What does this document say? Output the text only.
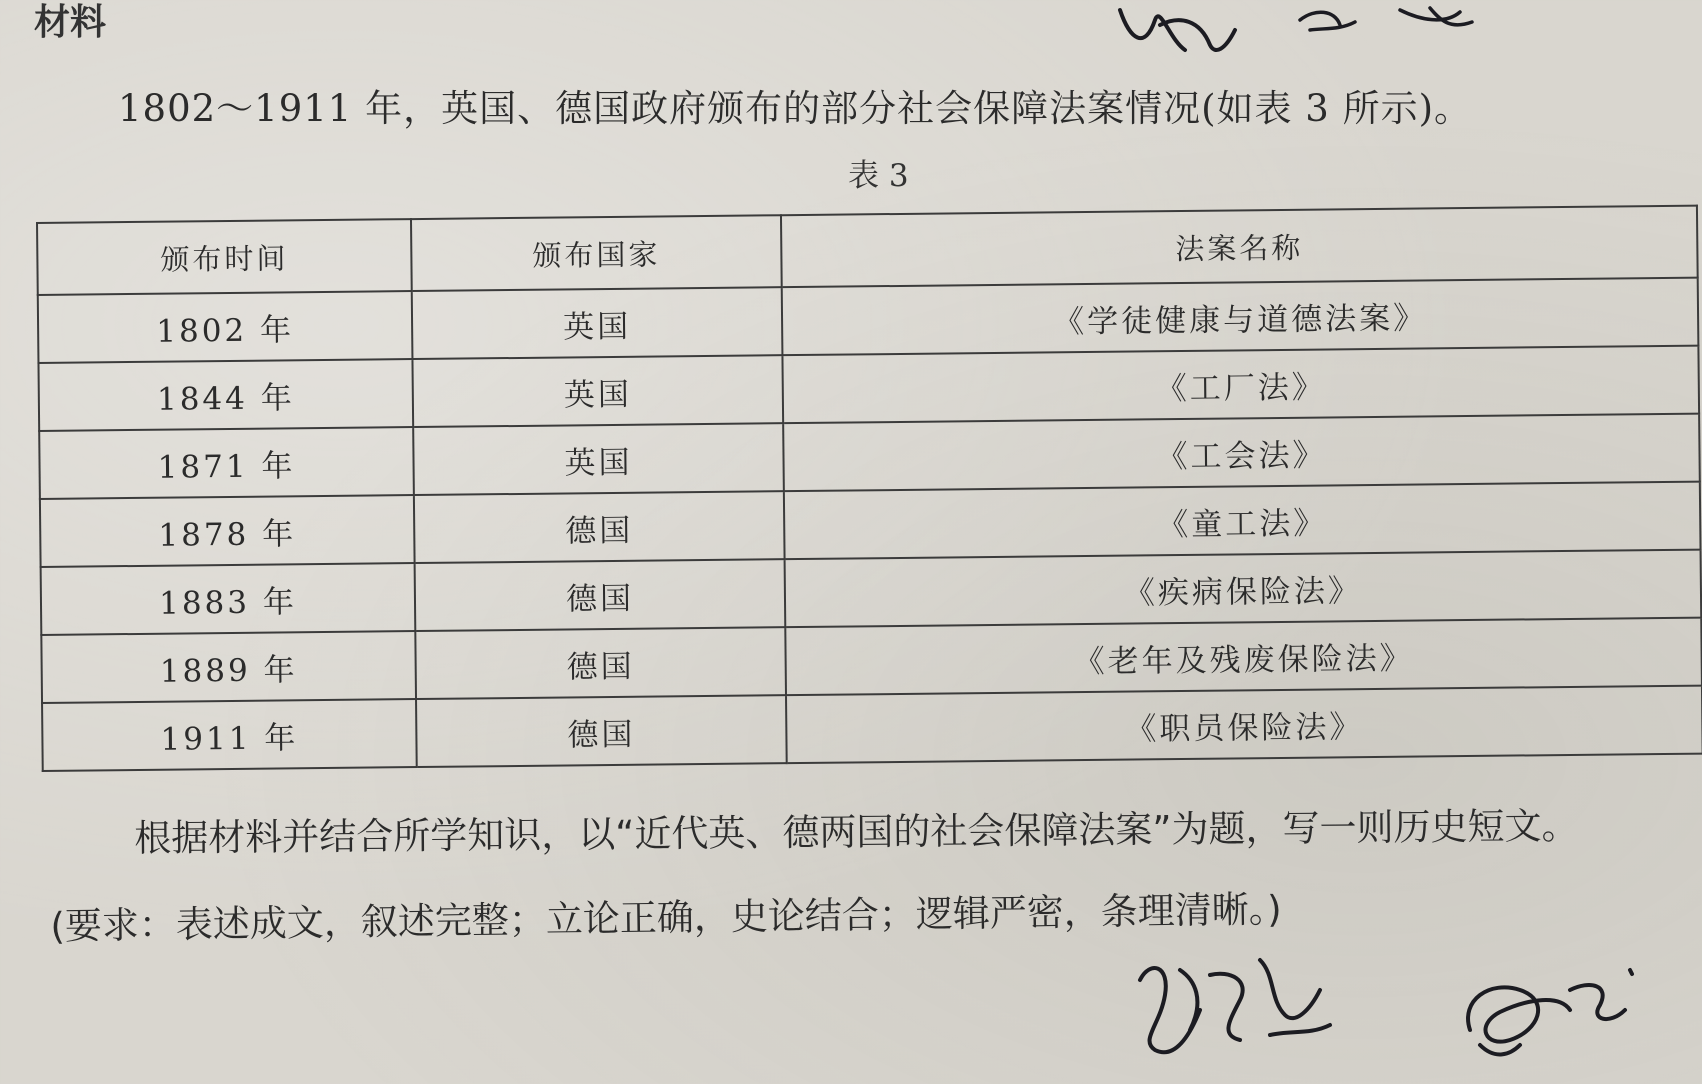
材料
1802～1911 年，英国、德国政府颁布的部分社会保障法案情况(如表 3 所示)。
表 3
颁布时间	颁布国家	法案名称
1802 年	英国	《学徒健康与道德法案》
1844 年	英国	《工厂法》
1871 年	英国	《工会法》
1878 年	德国	《童工法》
1883 年	德国	《疾病保险法》
1889 年	德国	《老年及残废保险法》
1911 年	德国	《职员保险法》
根据材料并结合所学知识，以“近代英、德两国的社会保障法案”为题，写一则历史短文。
(要求：表述成文，叙述完整；立论正确，史论结合；逻辑严密，条理清晰。)
